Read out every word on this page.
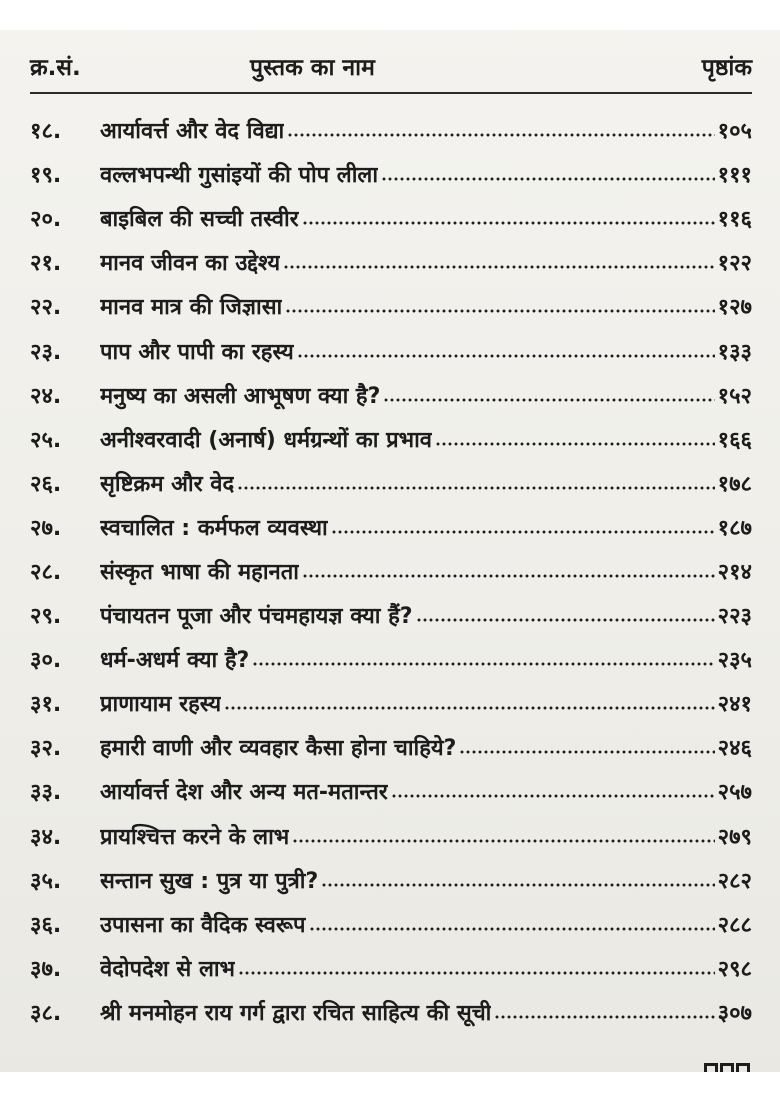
क्र.सं.	पुस्तक का नाम	पृष्ठांक
१८.	आर्यावर्त्त और वेद विद्या	१०५
१९.	वल्लभपन्थी गुसांइयों की पोप लीला	१११
२०.	बाइबिल की सच्ची तस्वीर	११६
२१.	मानव जीवन का उद्देश्य	१२२
२२.	मानव मात्र की जिज्ञासा	१२७
२३.	पाप और पापी का रहस्य	१३३
२४.	मनुष्य का असली आभूषण क्या है?	१५२
२५.	अनीश्वरवादी (अनार्ष) धर्मग्रन्थों का प्रभाव	१६६
२६.	सृष्टिक्रम और वेद	१७८
२७.	स्वचालित : कर्मफल व्यवस्था	१८७
२८.	संस्कृत भाषा की महानता	२१४
२९.	पंचायतन पूजा और पंचमहायज्ञ क्या हैं?	२२३
३०.	धर्म-अधर्म क्या है?	२३५
३१.	प्राणायाम रहस्य	२४१
३२.	हमारी वाणी और व्यवहार कैसा होना चाहिये?	२४६
३३.	आर्यावर्त्त देश और अन्य मत-मतान्तर	२५७
३४.	प्रायश्चित्त करने के लाभ	२७९
३५.	सन्तान सुख : पुत्र या पुत्री?	२८२
३६.	उपासना का वैदिक स्वरूप	२८८
३७.	वेदोपदेश से लाभ	२९८
३८.	श्री मनमोहन राय गर्ग द्वारा रचित साहित्य की सूची	३०७
